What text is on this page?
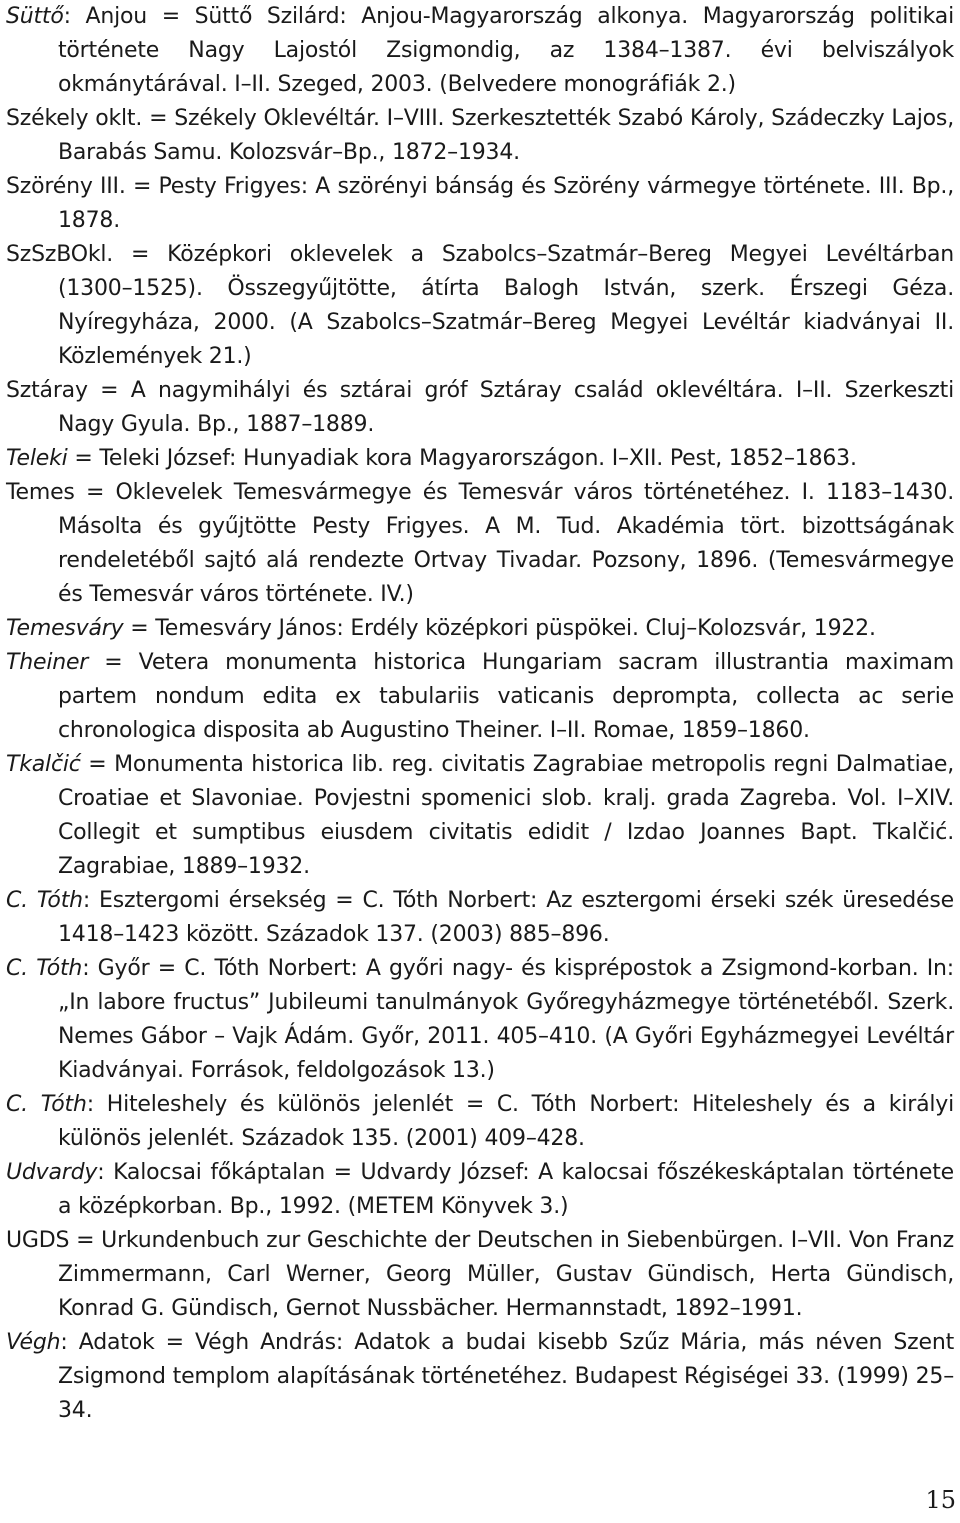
Süttő: Anjou = Süttő Szilárd: Anjou-Magyarország alkonya. Magyarország politikai története Nagy Lajostól Zsigmondig, az 1384–1387. évi belviszályok okmánytárával. I–II. Szeged, 2003. (Belvedere monográfiák 2.)
Székely oklt. = Székely Oklevéltár. I–VIII. Szerkesztették Szabó Károly, Szádeczky Lajos, Barabás Samu. Kolozsvár–Bp., 1872–1934.
Szörény III. = Pesty Frigyes: A szörényi bánság és Szörény vármegye története. III. Bp., 1878.
SzSzBOkl. = Középkori oklevelek a Szabolcs–Szatmár–Bereg Megyei Levéltárban (1300–1525). Összegyűjtötte, átírta Balogh István, szerk. Érszegi Géza. Nyíregyháza, 2000. (A Szabolcs–Szatmár–Bereg Megyei Levéltár kiadványai II. Közlemények 21.)
Sztáray = A nagymihályi és sztárai gróf Sztáray család oklevéltára. I–II. Szerkeszti Nagy Gyula. Bp., 1887–1889.
Teleki = Teleki József: Hunyadiak kora Magyarországon. I–XII. Pest, 1852–1863.
Temes = Oklevelek Temesvármegye és Temesvár város történetéhez. I. 1183–1430. Másolta és gyűjtötte Pesty Frigyes. A M. Tud. Akadémia tört. bizottságának rendeletéből sajtó alá rendezte Ortvay Tivadar. Pozsony, 1896. (Temesvármegye és Temesvár város története. IV.)
Temesváry = Temesváry János: Erdély középkori püspökei. Cluj–Kolozsvár, 1922.
Theiner = Vetera monumenta historica Hungariam sacram illustrantia maximam partem nondum edita ex tabulariis vaticanis deprompta, collecta ac serie chronologica disposita ab Augustino Theiner. I–II. Romae, 1859–1860.
Tkalčić = Monumenta historica lib. reg. civitatis Zagrabiae metropolis regni Dalmatiae, Croatiae et Slavoniae. Povjestni spomenici slob. kralj. grada Zagreba. Vol. I–XIV. Collegit et sumptibus eiusdem civitatis edidit / Izdao Joannes Bapt. Tkalčić. Zagrabiae, 1889–1932.
C. Tóth: Esztergomi érsekség = C. Tóth Norbert: Az esztergomi érseki szék üresedése 1418–1423 között. Századok 137. (2003) 885–896.
C. Tóth: Győr = C. Tóth Norbert: A győri nagy- és kisprépostok a Zsigmond-korban. In: „In labore fructus” Jubileumi tanulmányok Győregyházmegye történetéből. Szerk. Nemes Gábor – Vajk Ádám. Győr, 2011. 405–410. (A Győri Egyházmegyei Levéltár Kiadványai. Források, feldolgozások 13.)
C. Tóth: Hiteleshely és különös jelenlét = C. Tóth Norbert: Hiteleshely és a királyi különös jelenlét. Századok 135. (2001) 409–428.
Udvardy: Kalocsai főkáptalan = Udvardy József: A kalocsai főszékeskáptalan története a középkorban. Bp., 1992. (METEM Könyvek 3.)
UGDS = Urkundenbuch zur Geschichte der Deutschen in Siebenbürgen. I–VII. Von Franz Zimmermann, Carl Werner, Georg Müller, Gustav Gündisch, Herta Gündisch, Konrad G. Gündisch, Gernot Nussbächer. Hermannstadt, 1892–1991.
Végh: Adatok = Végh András: Adatok a budai kisebb Szűz Mária, más néven Szent Zsigmond templom alapításának történetéhez. Budapest Régiségei 33. (1999) 25–34.
15
